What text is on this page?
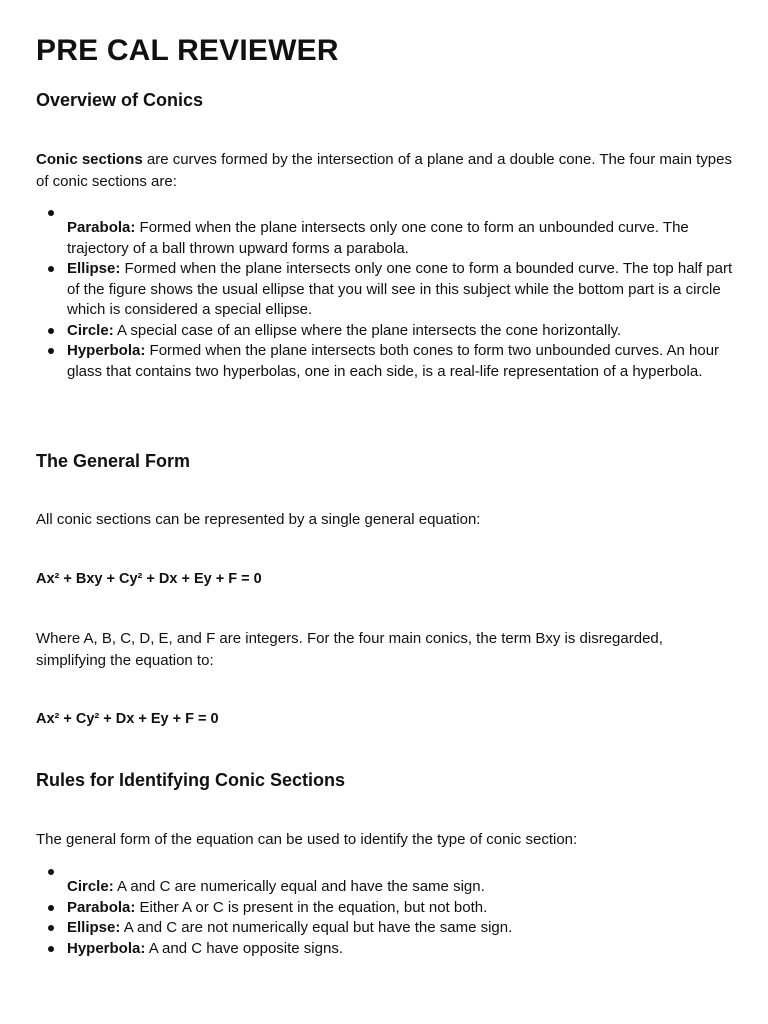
PRE CAL REVIEWER
Overview of Conics

Conic sections are curves formed by the intersection of a plane and a double cone. The four main types of conic sections are:

Parabola: Formed when the plane intersects only one cone to form an unbounded curve. The trajectory of a ball thrown upward forms a parabola.
Ellipse: Formed when the plane intersects only one cone to form a bounded curve. The top half part of the figure shows the usual ellipse that you will see in this subject while the bottom part is a circle which is considered a special ellipse.
Circle: A special case of an ellipse where the plane intersects the cone horizontally.
Hyperbola: Formed when the plane intersects both cones to form two unbounded curves. An hour glass that contains two hyperbolas, one in each side, is a real-life representation of a hyperbola.
The General Form

All conic sections can be represented by a single general equation:

Ax² + Bxy + Cy² + Dx + Ey + F = 0

Where A, B, C, D, E, and F are integers. For the four main conics, the term Bxy is disregarded, simplifying the equation to:

Ax² + Cy² + Dx + Ey + F = 0

Rules for Identifying Conic Sections

The general form of the equation can be used to identify the type of conic section:

Circle: A and C are numerically equal and have the same sign.
Parabola: Either A or C is present in the equation, but not both.
Ellipse: A and C are not numerically equal but have the same sign.
Hyperbola: A and C have opposite signs.
